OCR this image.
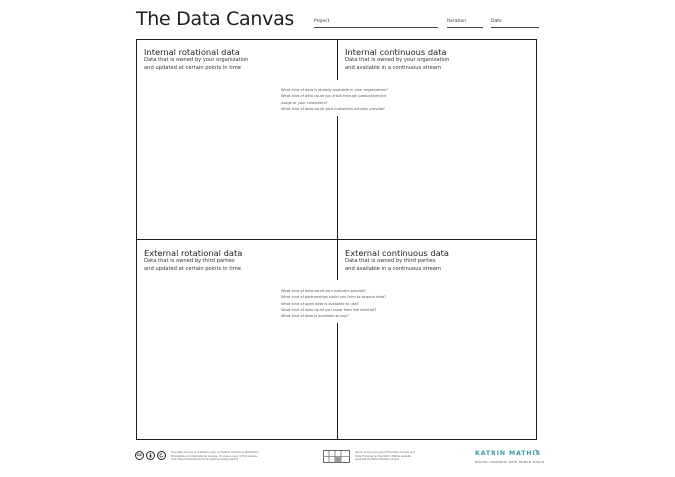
The Data Canvas	Project	Iteration	Date
Internal rotational data
Data that is owned by your organization
and updated at certain points in time
Internal continuous data
Data that is owned by your organization
and available in a continuous stream
External rotational data
Data that is owned by third parties
and updated at certain points in time
External continuous data
Data that is owned by third parties
and available in a continuous stream
What kind of data is already available in your organization?
What kind of data could you track through product/service
usage of your customers?
What kind of data could your customers actively provide?
What kind of data could your partners provide?
What kind of partnerships could you form to acquire data?
What kind of open data is available to use?
What kind of data could you crawl from the internet?
What kind of data is available to buy?
cc
The Data Canvas is licensed under a Creative Commons Attribution
ShareAlike 4.0 International License. To view a copy of this license,
visit http://creativecommons.org/licenses/by-sa/4.0/
Get to know more about the Data Canvas and
Data Thinking on the Katrin Mathis website
www.katrinmathis.de/data-canvas
KATRIN MATHIS
DIGITAL CONCEPTS WITH HUMAN TOUCH
